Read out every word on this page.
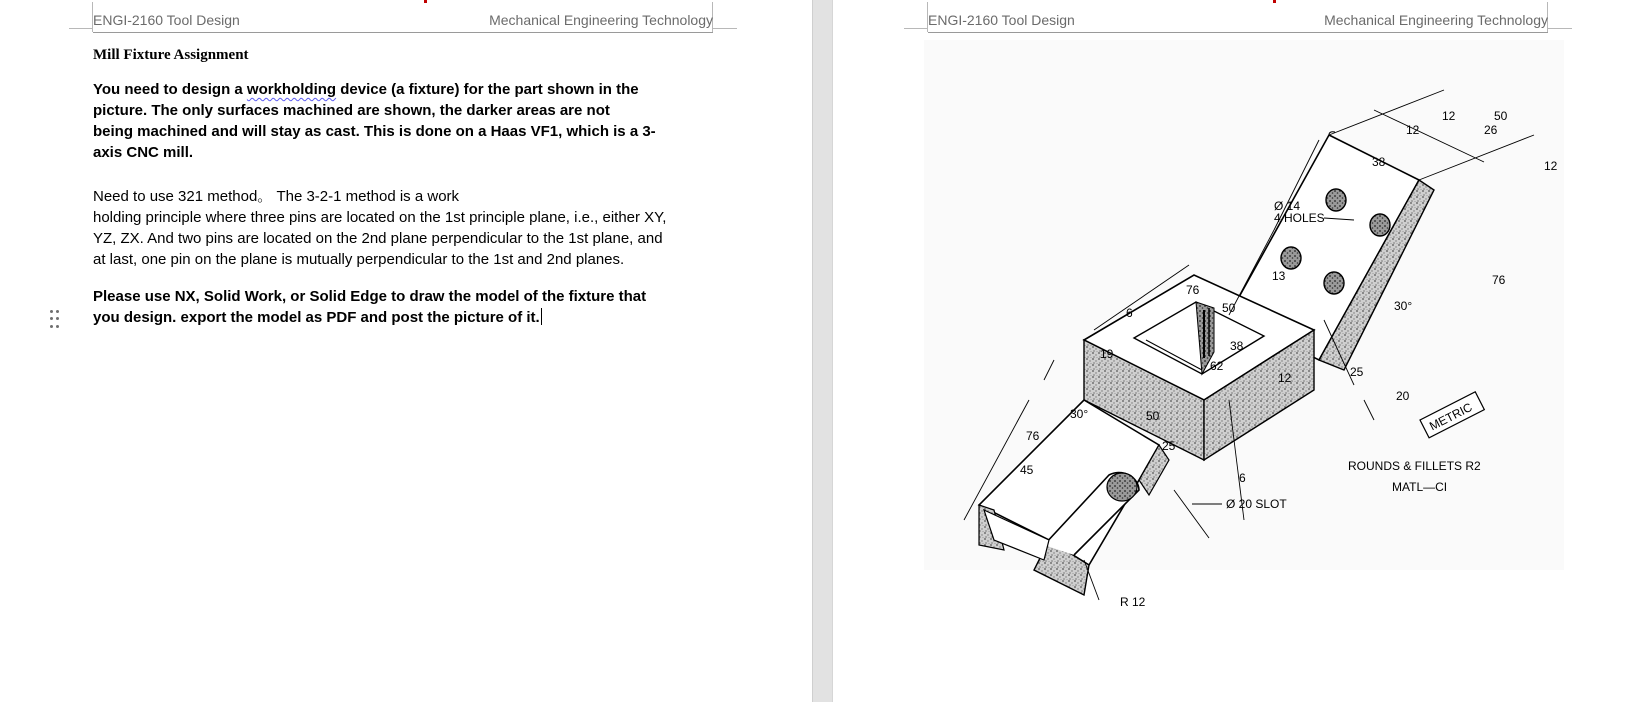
ENGI-2160 Tool Design	Mechanical Engineering Technology
Mill Fixture Assignment
You need to design a workholding device (a fixture) for the part shown in the
picture. The only surfaces machined are shown, the darker areas are not
being machined and will stay as cast. This is done on a Haas VF1, which is a 3-
axis CNC mill.
Need to use 321 method。 The 3-2-1 method is a work
holding principle where three pins are located on the 1st principle plane, i.e., either XY,
YZ, ZX. And two pins are located on the 2nd plane perpendicular to the 1st plane, and
at last, one pin on the plane is mutually perpendicular to the 1st and 2nd planes.
Please use NX, Solid Work, or Solid Edge to draw the model of the fixture that
you design. export the model as PDF and post the picture of it.
ENGI-2160 Tool Design	Mechanical Engineering Technology
12
12
50
26
12
38
76
13
76
50
6
38
30°
19
62
12	25
20
30°	50
76
25
45
6
Ø 14
4 HOLES
Ø 20 SLOT
R 12
ROUNDS & FILLETS R2
MATL—CI
METRIC
